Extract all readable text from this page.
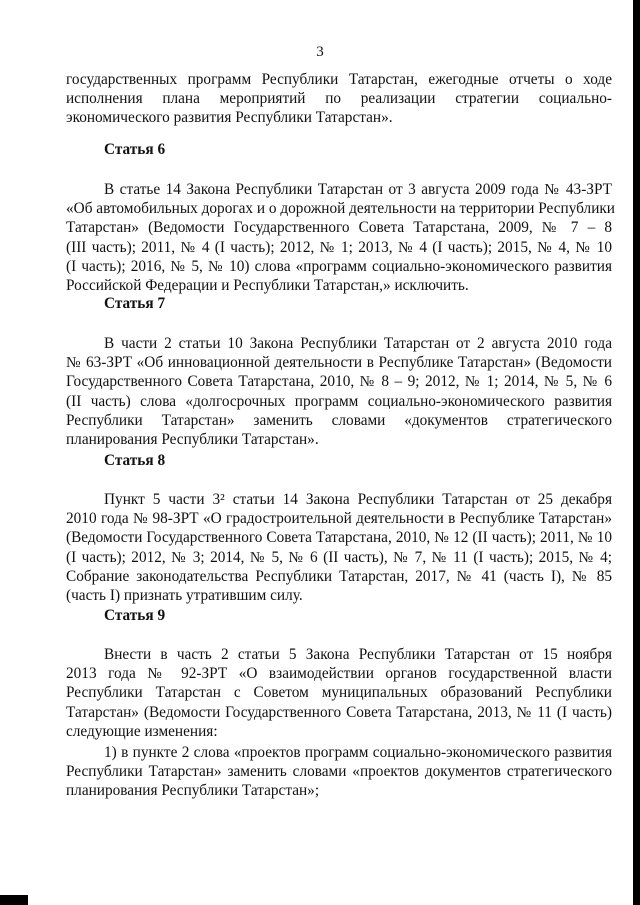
3
государственных программ Республики Татарстан, ежегодные отчеты о ходе
исполнения плана мероприятий по реализации стратегии социально-
экономического развития Республики Татарстан».
Статья 6
В статье 14 Закона Республики Татарстан от 3 августа 2009 года № 43-ЗРТ
«Об автомобильных дорогах и о дорожной деятельности на территории Республики
Татарстан» (Ведомости Государственного Совета Татарстана, 2009, № 7 – 8
(III часть); 2011, № 4 (I часть); 2012, № 1; 2013, № 4 (I часть); 2015, № 4, № 10
(I часть); 2016, № 5, № 10) слова «программ социально-экономического развития
Российской Федерации и Республики Татарстан,» исключить.
Статья 7
В части 2 статьи 10 Закона Республики Татарстан от 2 августа 2010 года
№ 63-ЗРТ «Об инновационной деятельности в Республике Татарстан» (Ведомости
Государственного Совета Татарстана, 2010, № 8 – 9; 2012, № 1; 2014, № 5, № 6
(II часть) слова «долгосрочных программ социально-экономического развития
Республики Татарстан» заменить словами «документов стратегического
планирования Республики Татарстан».
Статья 8
Пункт 5 части 3² статьи 14 Закона Республики Татарстан от 25 декабря
2010 года № 98-ЗРТ «О градостроительной деятельности в Республике Татарстан»
(Ведомости Государственного Совета Татарстана, 2010, № 12 (II часть); 2011, № 10
(I часть); 2012, № 3; 2014, № 5, № 6 (II часть), № 7, № 11 (I часть); 2015, № 4;
Собрание законодательства Республики Татарстан, 2017, № 41 (часть I), № 85
(часть I) признать утратившим силу.
Статья 9
Внести в часть 2 статьи 5 Закона Республики Татарстан от 15 ноября
2013 года № 92-ЗРТ «О взаимодействии органов государственной власти
Республики Татарстан с Советом муниципальных образований Республики
Татарстан» (Ведомости Государственного Совета Татарстана, 2013, № 11 (I часть)
следующие изменения:
1) в пункте 2 слова «проектов программ социально-экономического развития
Республики Татарстан» заменить словами «проектов документов стратегического
планирования Республики Татарстан»;
